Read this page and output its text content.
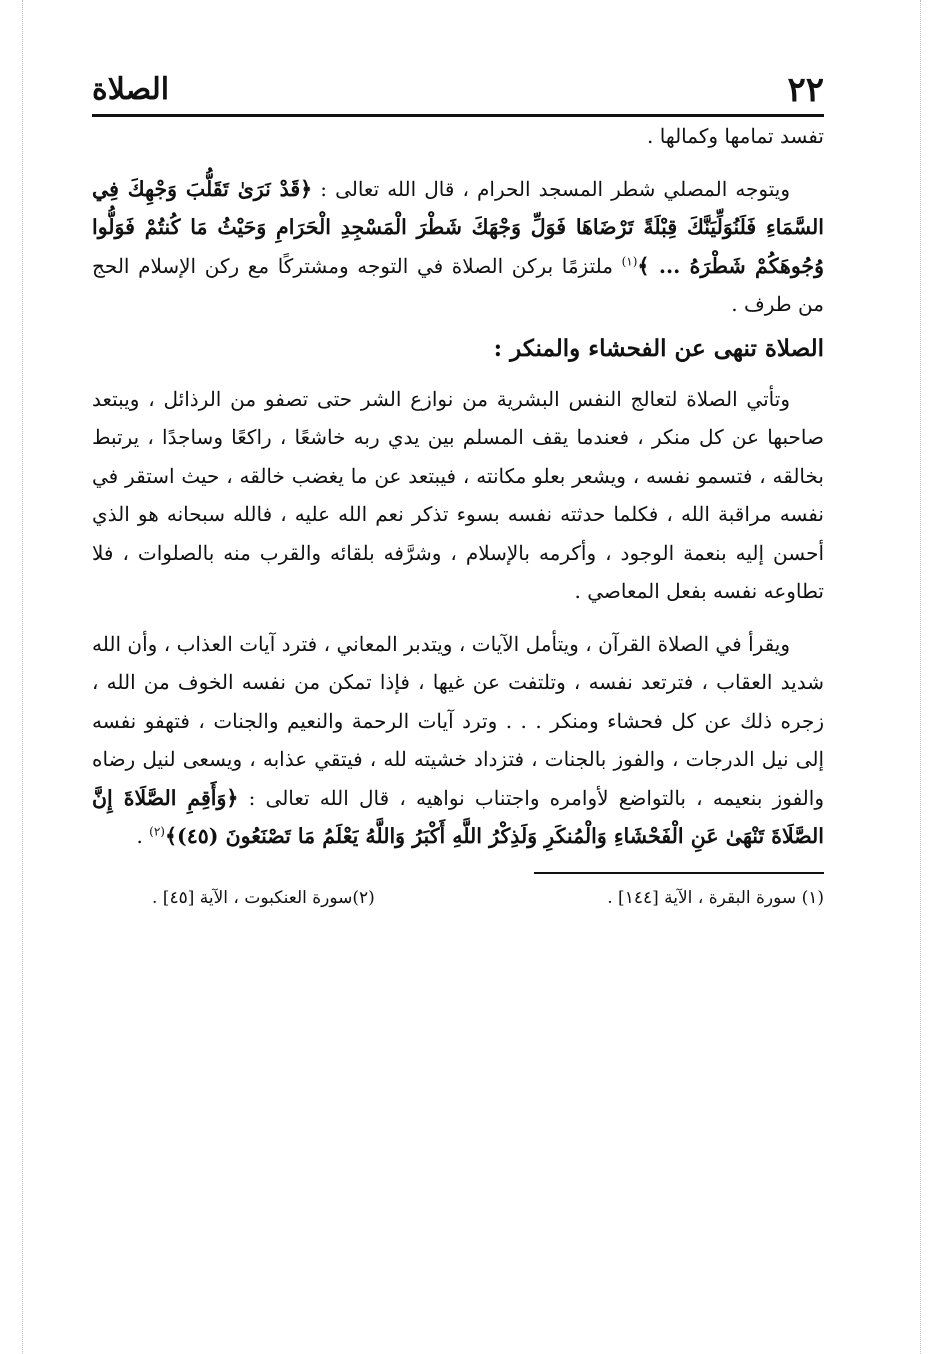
٢٢
الصلاة

تفسد تمامها وكمالها .

ويتوجه المصلي شطر المسجد الحرام ، قال الله تعالى : ﴿قَدْ نَرَىٰ تَقَلُّبَ وَجْهِكَ فِي السَّمَاءِ فَلَنُوَلِّيَنَّكَ قِبْلَةً تَرْضَاهَا فَوَلِّ وَجْهَكَ شَطْرَ الْمَسْجِدِ الْحَرَامِ وَحَيْثُ مَا كُنتُمْ فَوَلُّوا وُجُوهَكُمْ شَطْرَهُ ... ﴾$^{(١)}$ ملتزمًا بركن الصلاة في التوجه ومشتركًا مع ركن الإسلام الحج من طرف .

الصلاة تنهى عن الفحشاء والمنكر :

وتأتي الصلاة لتعالج النفس البشرية من نوازع الشر حتى تصفو من الرذائل ، ويبتعد صاحبها عن كل منكر ، فعندما يقف المسلم بين يدي ربه خاشعًا ، راكعًا وساجدًا ، يرتبط بخالقه ، فتسمو نفسه ، ويشعر بعلو مكانته ، فيبتعد عن ما يغضب خالقه ، حيث استقر في نفسه مراقبة الله ، فكلما حدثته نفسه بسوء تذكر نعم الله عليه ، فالله سبحانه هو الذي أحسن إليه بنعمة الوجود ، وأكرمه بالإسلام ، وشرَّفه بلقائه والقرب منه بالصلوات ، فلا تطاوعه نفسه بفعل المعاصي .

ويقرأ في الصلاة القرآن ، ويتأمل الآيات ، ويتدبر المعاني ، فترد آيات العذاب ، وأن الله شديد العقاب ، فترتعد نفسه ، وتلتفت عن غيها ، فإذا تمكن من نفسه الخوف من الله ، زجره ذلك عن كل فحشاء ومنكر . . . وترد آيات الرحمة والنعيم والجنات ، فتهفو نفسه إلى نيل الدرجات ، والفوز بالجنات ، فتزداد خشيته لله ، فيتقي عذابه ، ويسعى لنيل رضاه والفوز بنعيمه ، بالتواضع لأوامره واجتناب نواهيه ، قال الله تعالى : ﴿وَأَقِمِ الصَّلَاةَ إِنَّ الصَّلَاةَ تَنْهَىٰ عَنِ الْفَحْشَاءِ وَالْمُنكَرِ وَلَذِكْرُ اللَّهِ أَكْبَرُ وَاللَّهُ يَعْلَمُ مَا تَصْنَعُونَ (٤٥)﴾$^{(٢)}$ .

(١) سورة البقرة ، الآية [١٤٤] .
(٢)سورة العنكبوت ، الآية [٤٥] .
